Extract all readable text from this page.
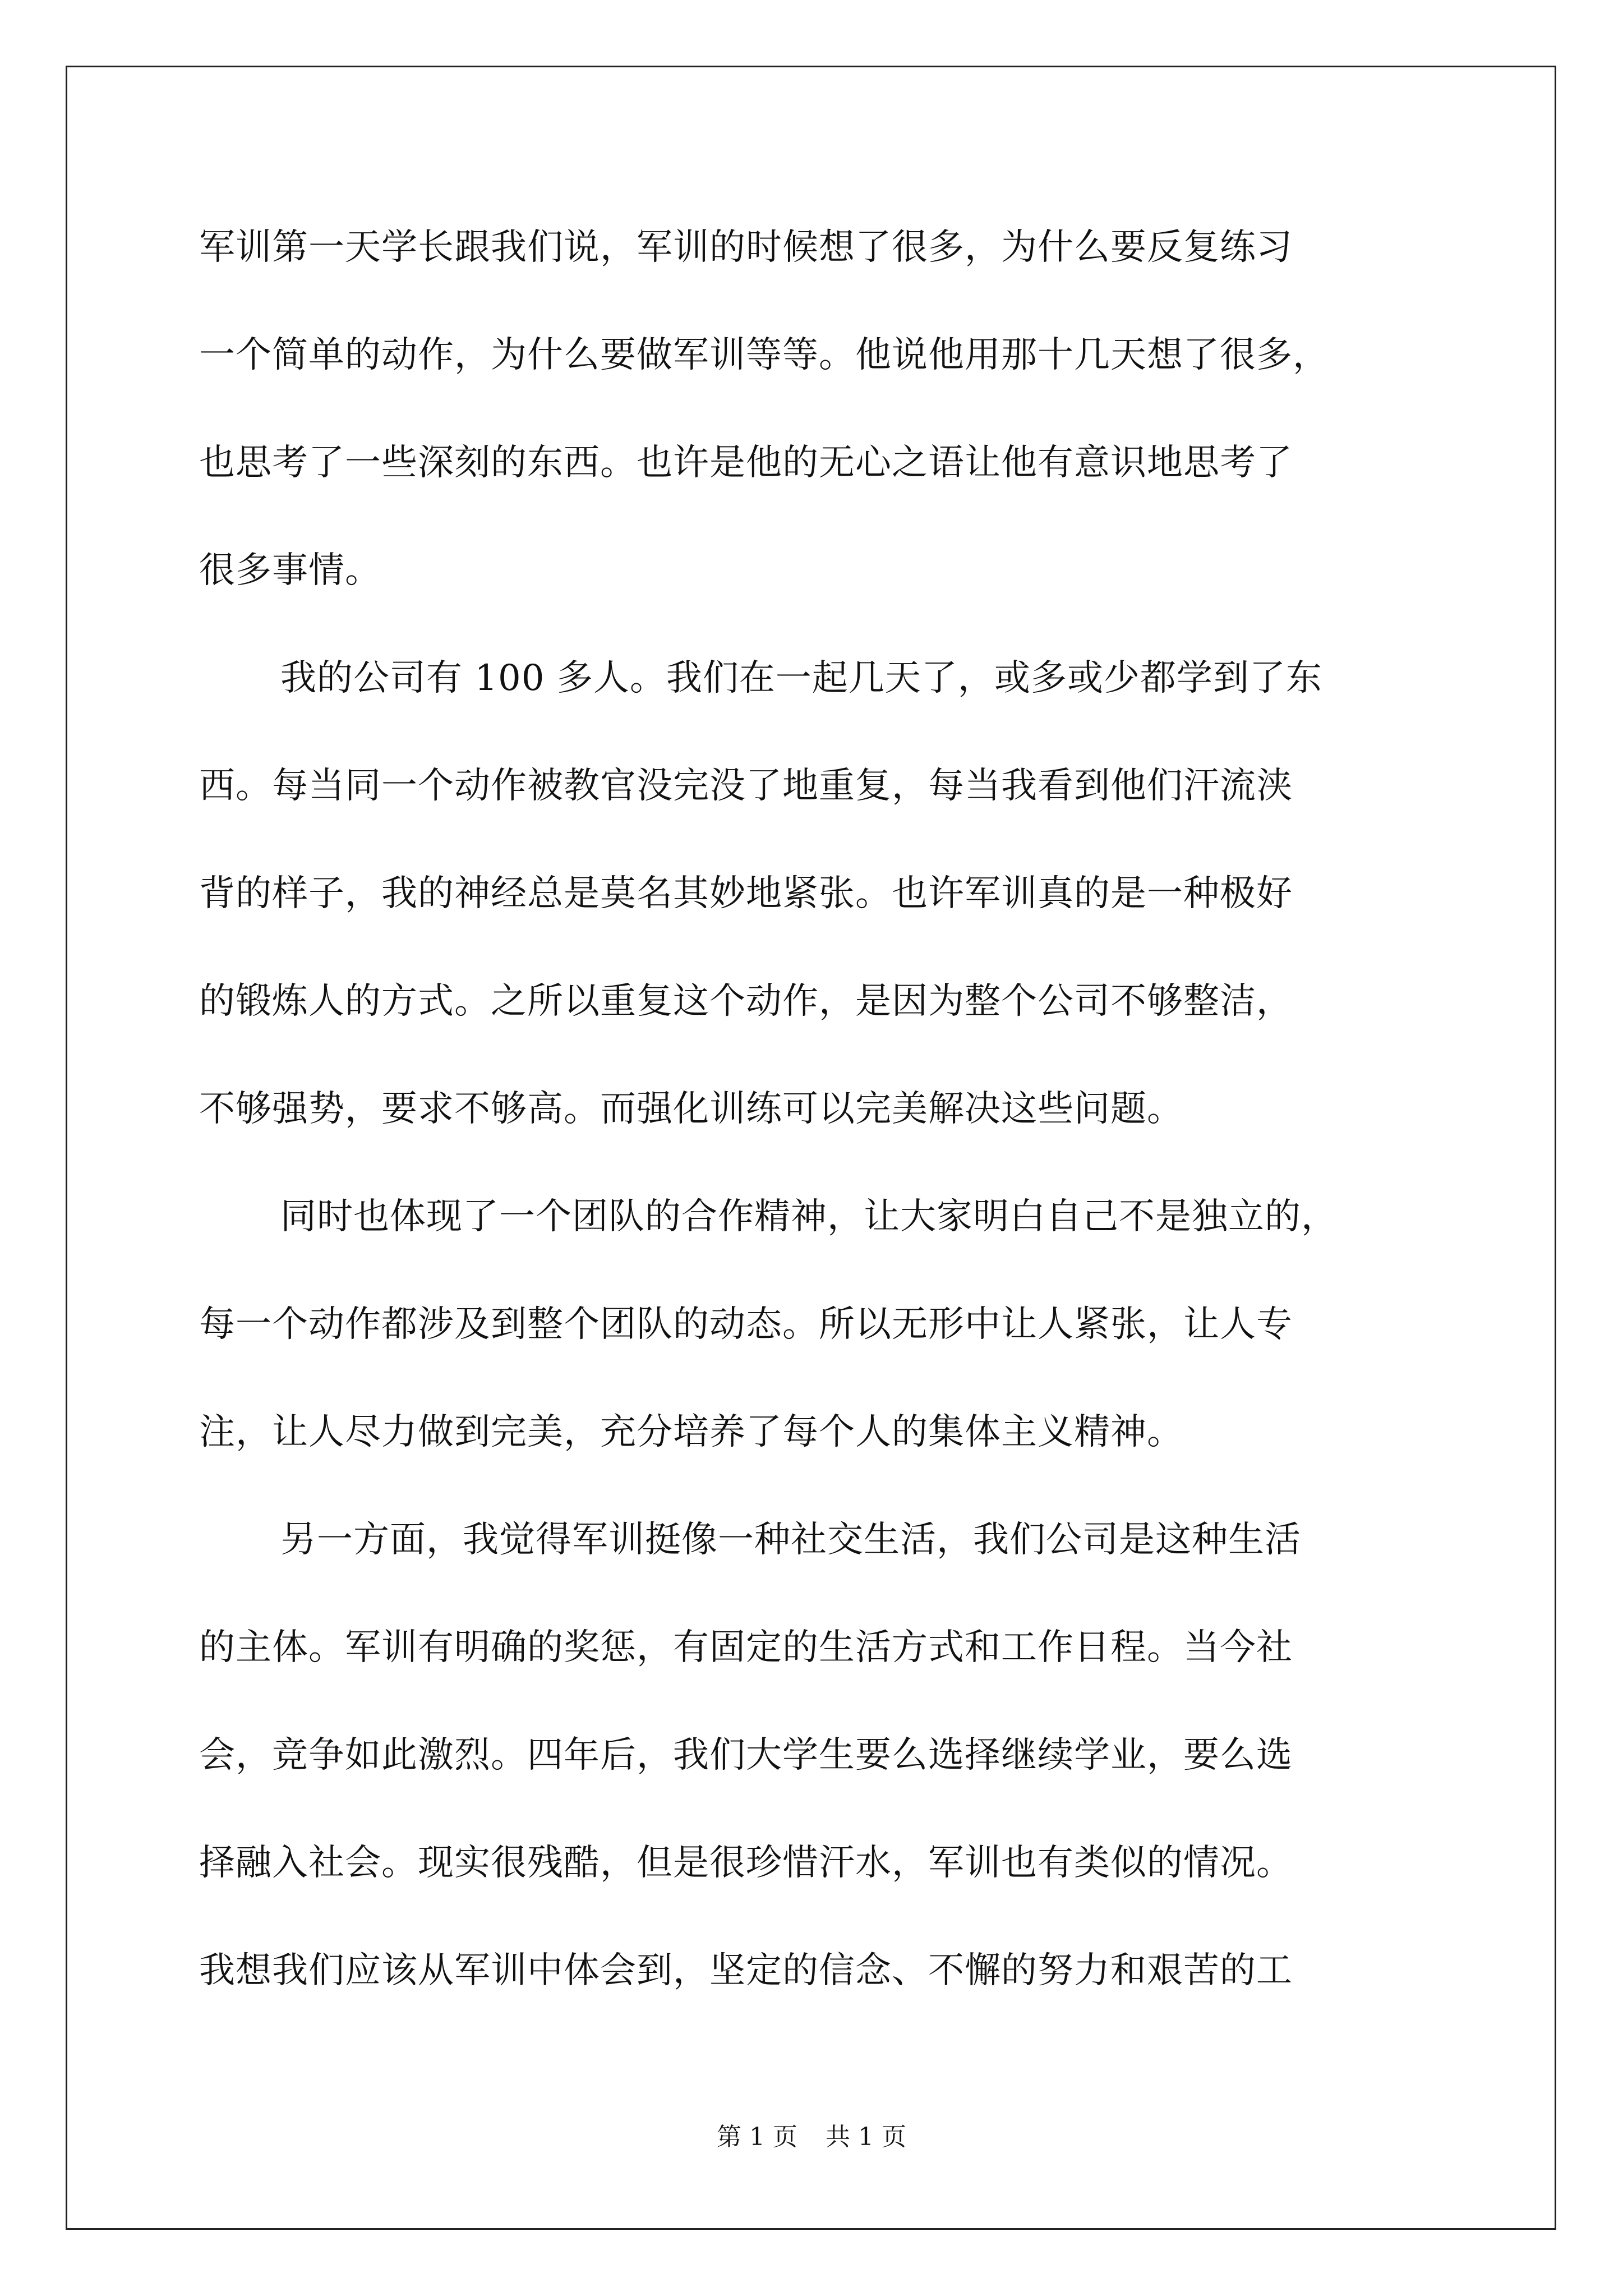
军训第一天学长跟我们说，军训的时候想了很多，为什么要反复练习
一个简单的动作，为什么要做军训等等。他说他用那十几天想了很多，
也思考了一些深刻的东西。也许是他的无心之语让他有意识地思考了
很多事情。
我的公司有 100 多人。我们在一起几天了，或多或少都学到了东
西。每当同一个动作被教官没完没了地重复，每当我看到他们汗流浃
背的样子，我的神经总是莫名其妙地紧张。也许军训真的是一种极好
的锻炼人的方式。之所以重复这个动作，是因为整个公司不够整洁，
不够强势，要求不够高。而强化训练可以完美解决这些问题。
同时也体现了一个团队的合作精神，让大家明白自己不是独立的，
每一个动作都涉及到整个团队的动态。所以无形中让人紧张，让人专
注，让人尽力做到完美，充分培养了每个人的集体主义精神。
另一方面，我觉得军训挺像一种社交生活，我们公司是这种生活
的主体。军训有明确的奖惩，有固定的生活方式和工作日程。当今社
会，竞争如此激烈。四年后，我们大学生要么选择继续学业，要么选
择融入社会。现实很残酷，但是很珍惜汗水，军训也有类似的情况。
我想我们应该从军训中体会到，坚定的信念、不懈的努力和艰苦的工
第 1 页 共 1 页
